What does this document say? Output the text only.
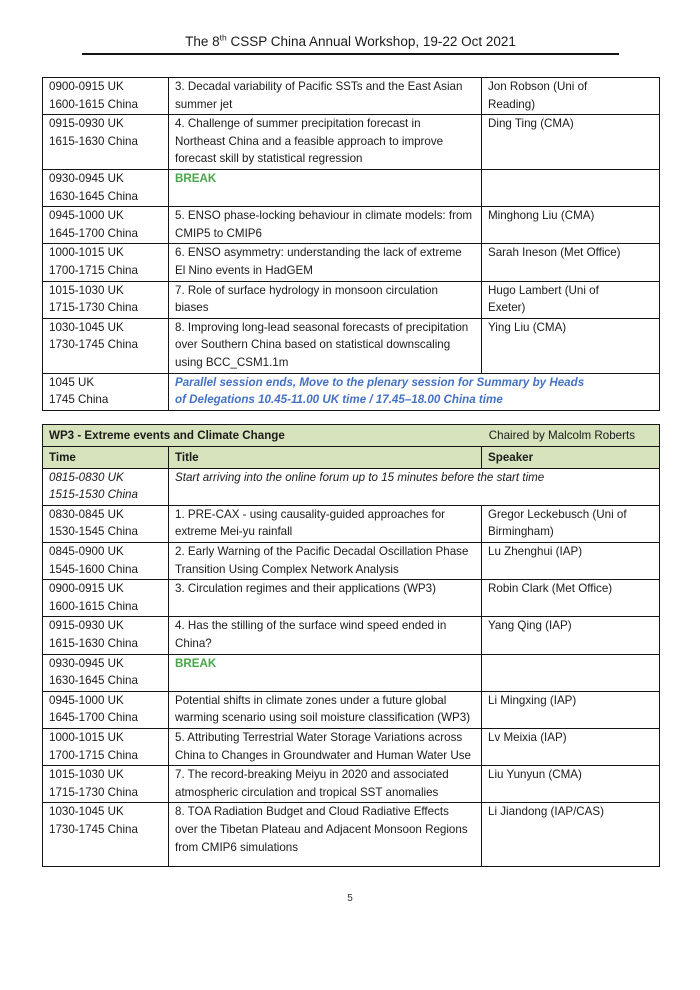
The 8th CSSP China Annual Workshop, 19-22 Oct 2021
0900-0915 UK
1600-1615 China	3. Decadal variability of Pacific SSTs and the East Asian summer jet	Jon Robson (Uni of
Reading)
0915-0930 UK
1615-1630 China	4. Challenge of summer precipitation forecast in Northeast China and a feasible approach to improve forecast skill by statistical regression	Ding Ting (CMA)
0930-0945 UK
1630-1645 China	BREAK	
0945-1000 UK
1645-1700 China	5. ENSO phase-locking behaviour in climate models: from CMIP5 to CMIP6	Minghong Liu (CMA)
1000-1015 UK
1700-1715 China	6. ENSO asymmetry: understanding the lack of extreme El Nino events in HadGEM	Sarah Ineson (Met Office)
1015-1030 UK
1715-1730 China	7. Role of surface hydrology in monsoon circulation biases	Hugo Lambert (Uni of
Exeter)
1030-1045 UK
1730-1745 China	8. Improving long-lead seasonal forecasts of precipitation over Southern China based on statistical downscaling using BCC_CSM1.1m	Ying Liu (CMA)
1045 UK
1745 China	Parallel session ends, Move to the plenary session for Summary by Heads
of Delegations 10.45-11.00 UK time / 17.45–18.00 China time	
WP3 - Extreme events and Climate Change Chaired by Malcolm Roberts		

Time	Title	Speaker
0815-0830 UK
1515-1530 China	Start arriving into the online forum up to 15 minutes before the start time	
0830-0845 UK
1530-1545 China	1. PRE-CAX - using causality-guided approaches for extreme Mei-yu rainfall	Gregor Leckebusch (Uni of
Birmingham)
0845-0900 UK
1545-1600 China	2. Early Warning of the Pacific Decadal Oscillation Phase Transition Using Complex Network Analysis	Lu Zhenghui (IAP)
0900-0915 UK
1600-1615 China	3. Circulation regimes and their applications (WP3)	Robin Clark (Met Office)
0915-0930 UK
1615-1630 China	4. Has the stilling of the surface wind speed ended in China?	Yang Qing (IAP)
0930-0945 UK
1630-1645 China	BREAK	
0945-1000 UK
1645-1700 China	Potential shifts in climate zones under a future global warming scenario using soil moisture classification (WP3)	Li Mingxing (IAP)
1000-1015 UK
1700-1715 China	5. Attributing Terrestrial Water Storage Variations across China to Changes in Groundwater and Human Water Use	Lv Meixia (IAP)
1015-1030 UK
1715-1730 China	7. The record-breaking Meiyu in 2020 and associated atmospheric circulation and tropical SST anomalies	Liu Yunyun (CMA)
1030-1045 UK
1730-1745 China	8. TOA Radiation Budget and Cloud Radiative Effects over the Tibetan Plateau and Adjacent Monsoon Regions from CMIP6 simulations	Li Jiandong (IAP/CAS)
5
